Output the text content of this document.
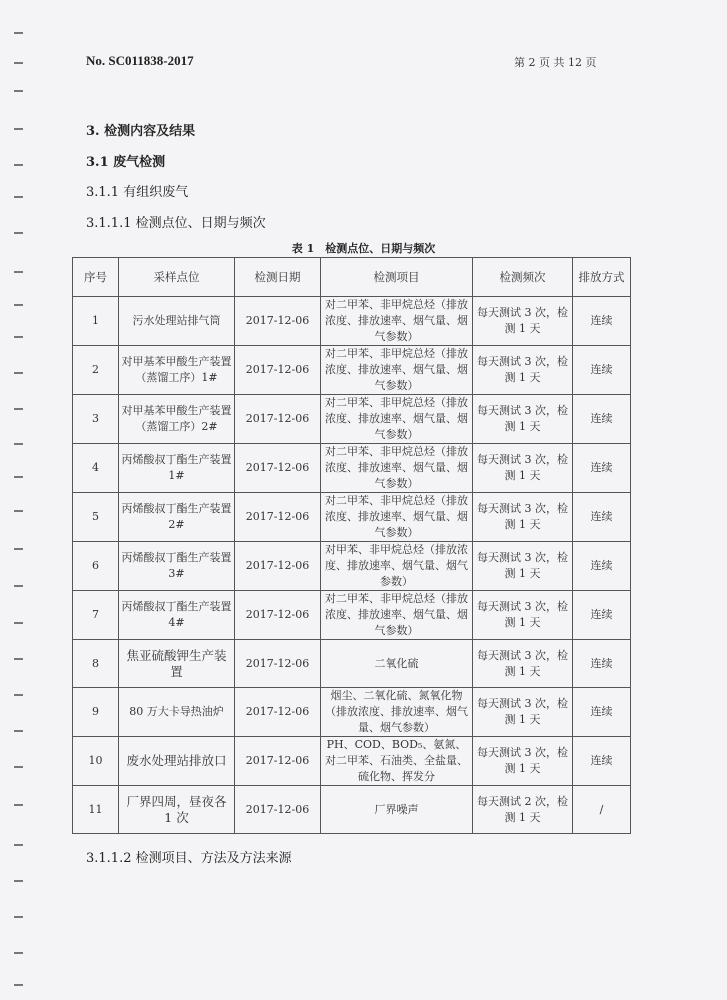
No. SC011838-2017	第 2 页 共 12 页
3. 检测内容及结果
3.1 废气检测
3.1.1 有组织废气
3.1.1.1 检测点位、日期与频次
表 1　检测点位、日期与频次
序号	采样点位	检测日期	检测项目	检测频次	排放方式
1	污水处理站排气筒	2017-12-06	对二甲苯、非甲烷总烃（排放浓度、排放速率、烟气量、烟气参数）	每天测试 3 次，检测 1 天	连续
2	对甲基苯甲酸生产装置（蒸馏工序）1#	2017-12-06	对二甲苯、非甲烷总烃（排放浓度、排放速率、烟气量、烟气参数）	每天测试 3 次，检测 1 天	连续
3	对甲基苯甲酸生产装置（蒸馏工序）2#	2017-12-06	对二甲苯、非甲烷总烃（排放浓度、排放速率、烟气量、烟气参数）	每天测试 3 次，检测 1 天	连续
4	丙烯酸叔丁酯生产装置 1#	2017-12-06	对二甲苯、非甲烷总烃（排放浓度、排放速率、烟气量、烟气参数）	每天测试 3 次，检测 1 天	连续
5	丙烯酸叔丁酯生产装置 2#	2017-12-06	对二甲苯、非甲烷总烃（排放浓度、排放速率、烟气量、烟气参数）	每天测试 3 次，检测 1 天	连续
6	丙烯酸叔丁酯生产装置 3#	2017-12-06	对甲苯、非甲烷总烃（排放浓度、排放速率、烟气量、烟气参数）	每天测试 3 次，检测 1 天	连续
7	丙烯酸叔丁酯生产装置 4#	2017-12-06	对二甲苯、非甲烷总烃（排放浓度、排放速率、烟气量、烟气参数）	每天测试 3 次，检测 1 天	连续
8	焦亚硫酸钾生产装置	2017-12-06	二氧化硫	每天测试 3 次，检测 1 天	连续
9	80 万大卡导热油炉	2017-12-06	烟尘、二氧化硫、氮氧化物（排放浓度、排放速率、烟气量、烟气参数）	每天测试 3 次，检测 1 天	连续
10	废水处理站排放口	2017-12-06	PH、COD、BOD₅、氨氮、对二甲苯、石油类、全盐量、硫化物、挥发分	每天测试 3 次，检测 1 天	连续
11	厂界四周，昼夜各 1 次	2017-12-06	厂界噪声	每天测试 2 次，检测 1 天	/
3.1.1.2 检测项目、方法及方法来源
